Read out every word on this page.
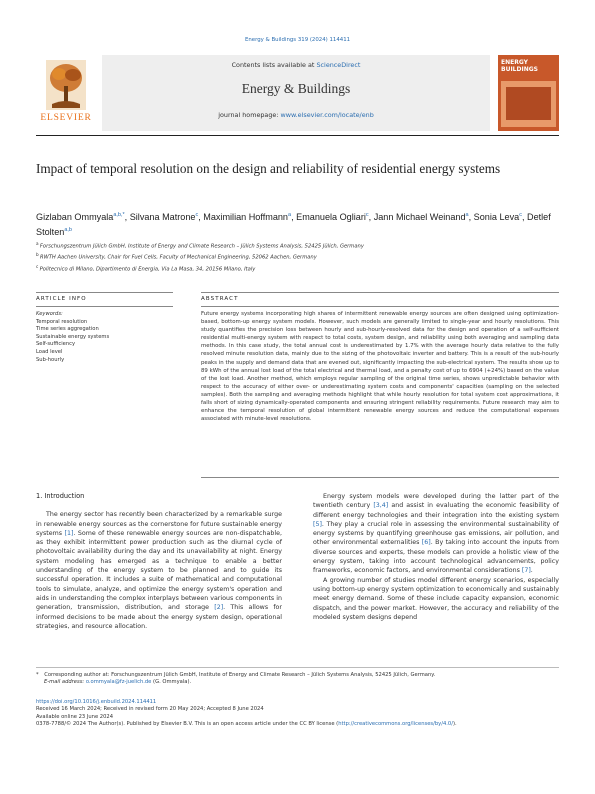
Energy & Buildings 319 (2024) 114411
ELSEVIER
Contents lists available at ScienceDirect
Energy & Buildings
journal homepage: www.elsevier.com/locate/enb
ENERGY BUILDINGS
Impact of temporal resolution on the design and reliability of residential energy systems
Gizlaban Ommyala$^{a,b,*}$, Silvana Matrone$^c$, Maximilian Hoffmann$^a$, Emanuela Ogliari$^c$, Jann Michael Weinand$^a$, Sonia Leva$^c$, Detlef Stolten$^{a,b}$
$^a$ Forschungszentrum Jülich GmbH, Institute of Energy and Climate Research – Jülich Systems Analysis, 52425 Jülich, Germany
$^b$ RWTH Aachen University, Chair for Fuel Cells, Faculty of Mechanical Engineering, 52062 Aachen, Germany
$^c$ Politecnico di Milano, Dipartimento di Energia, Via La Masa, 34, 20156 Milano, Italy
ARTICLE INFO	ABSTRACT
Keywords:
Temporal resolution
Time series aggregation
Sustainable energy systems
Self-sufficiency
Load level
Sub-hourly
Future energy systems incorporating high shares of intermittent renewable energy sources are often designed using optimization-based, bottom-up energy system models. However, such models are generally limited to single-year and hourly resolutions. This study quantifies the precision loss between hourly and sub-hourly-resolved data for the design and operation of a self-sufficient residential multi-energy system with respect to total costs, system design, and reliability using both averaging and sampling data methods. In this case study, the total annual cost is underestimated by 1.7% with the average hourly data relative to the fully resolved minute resolution data, mainly due to the sizing of the photovoltaic inverter and battery. This is a result of the sub-hourly peaks in the supply and demand data that are evened out, significantly impacting the sub-electrical system. The results show up to 89 kWh of the annual lost load of the total electrical and thermal load, and a penalty cost of up to 6904 (+24%) based on the value of the lost load. Another method, which employs regular sampling of the original time series, shows unpredictable behavior with respect to the accuracy of either over- or underestimating system costs and components' capacities (sampling on the selected samples). Both the sampling and averaging methods highlight that while hourly resolution for total system cost approximations, it falls short of sizing dynamically-operated components and ensuring stringent reliability requirements. Future research may aim to enhance the temporal resolution of global intermittent renewable energy sources and reduce the computational expenses associated with minute-level resolutions.
1. Introduction
The energy sector has recently been characterized by a remarkable surge in renewable energy sources as the cornerstone for future sustainable energy systems [1]. Some of these renewable energy sources are non-dispatchable, as they exhibit intermittent power production such as the diurnal cycle of photovoltaic availability during the day and its unavailability at night. Energy system modeling has emerged as a technique to enable a better understanding of the energy system to be planned and to guide its successful operation. It includes a suite of mathematical and computational tools to simulate, analyze, and optimize the energy system's operation and aids in understanding the complex interplays between various components in generation, transmission, distribution, and storage [2]. This allows for informed decisions to be made about the energy system design, operational strategies, and resource allocation.
Energy system models were developed during the latter part of the twentieth century [3,4] and assist in evaluating the economic feasibility of different energy technologies and their integration into the existing system [5]. They play a crucial role in assessing the environmental sustainability of energy systems by quantifying greenhouse gas emissions, air pollution, and other environmental externalities [6]. By taking into account the inputs from diverse sources and experts, these models can provide a holistic view of the energy system, taking into account technological advancements, policy frameworks, economic factors, and environmental considerations [7].
A growing number of studies model different energy scenarios, especially using bottom-up energy system optimization to economically and sustainably meet energy demand. Some of these include capacity expansion, economic dispatch, and the power market. However, the accuracy and reliability of the modeled system designs depend
* Corresponding author at: Forschungszentrum Jülich GmbH, Institute of Energy and Climate Research – Jülich Systems Analysis, 52425 Jülich, Germany.
E-mail address: o.ommyala@fz-juelich.de (G. Ommyala).
https://doi.org/10.1016/j.enbuild.2024.114411
Received 16 March 2024; Received in revised form 20 May 2024; Accepted 8 June 2024
Available online 23 June 2024
0378-7788/© 2024 The Author(s). Published by Elsevier B.V. This is an open access article under the CC BY license (http://creativecommons.org/licenses/by/4.0/).
